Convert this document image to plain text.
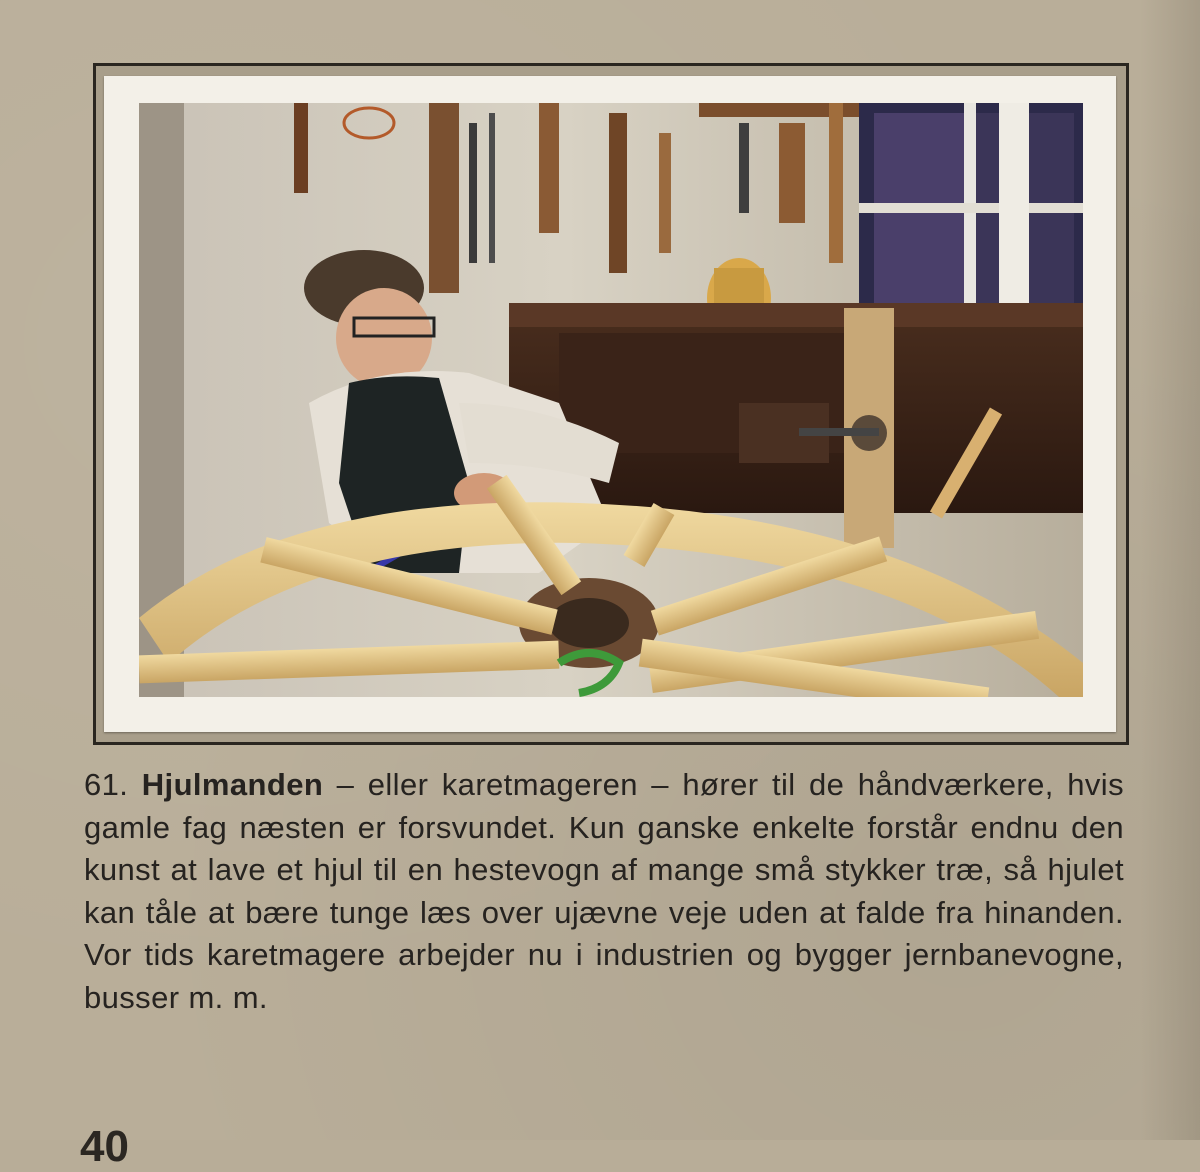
61. Hjulmanden – eller karetmageren – hører til de håndværkere, hvis gamle fag næsten er forsvundet. Kun ganske enkelte forstår endnu den kunst at lave et hjul til en hestevogn af mange små stykker træ, så hjulet kan tåle at bære tunge læs over ujævne veje uden at falde fra hinanden. Vor tids karetmagere arbejder nu i industrien og bygger jernbanevogne, busser m. m.
40
